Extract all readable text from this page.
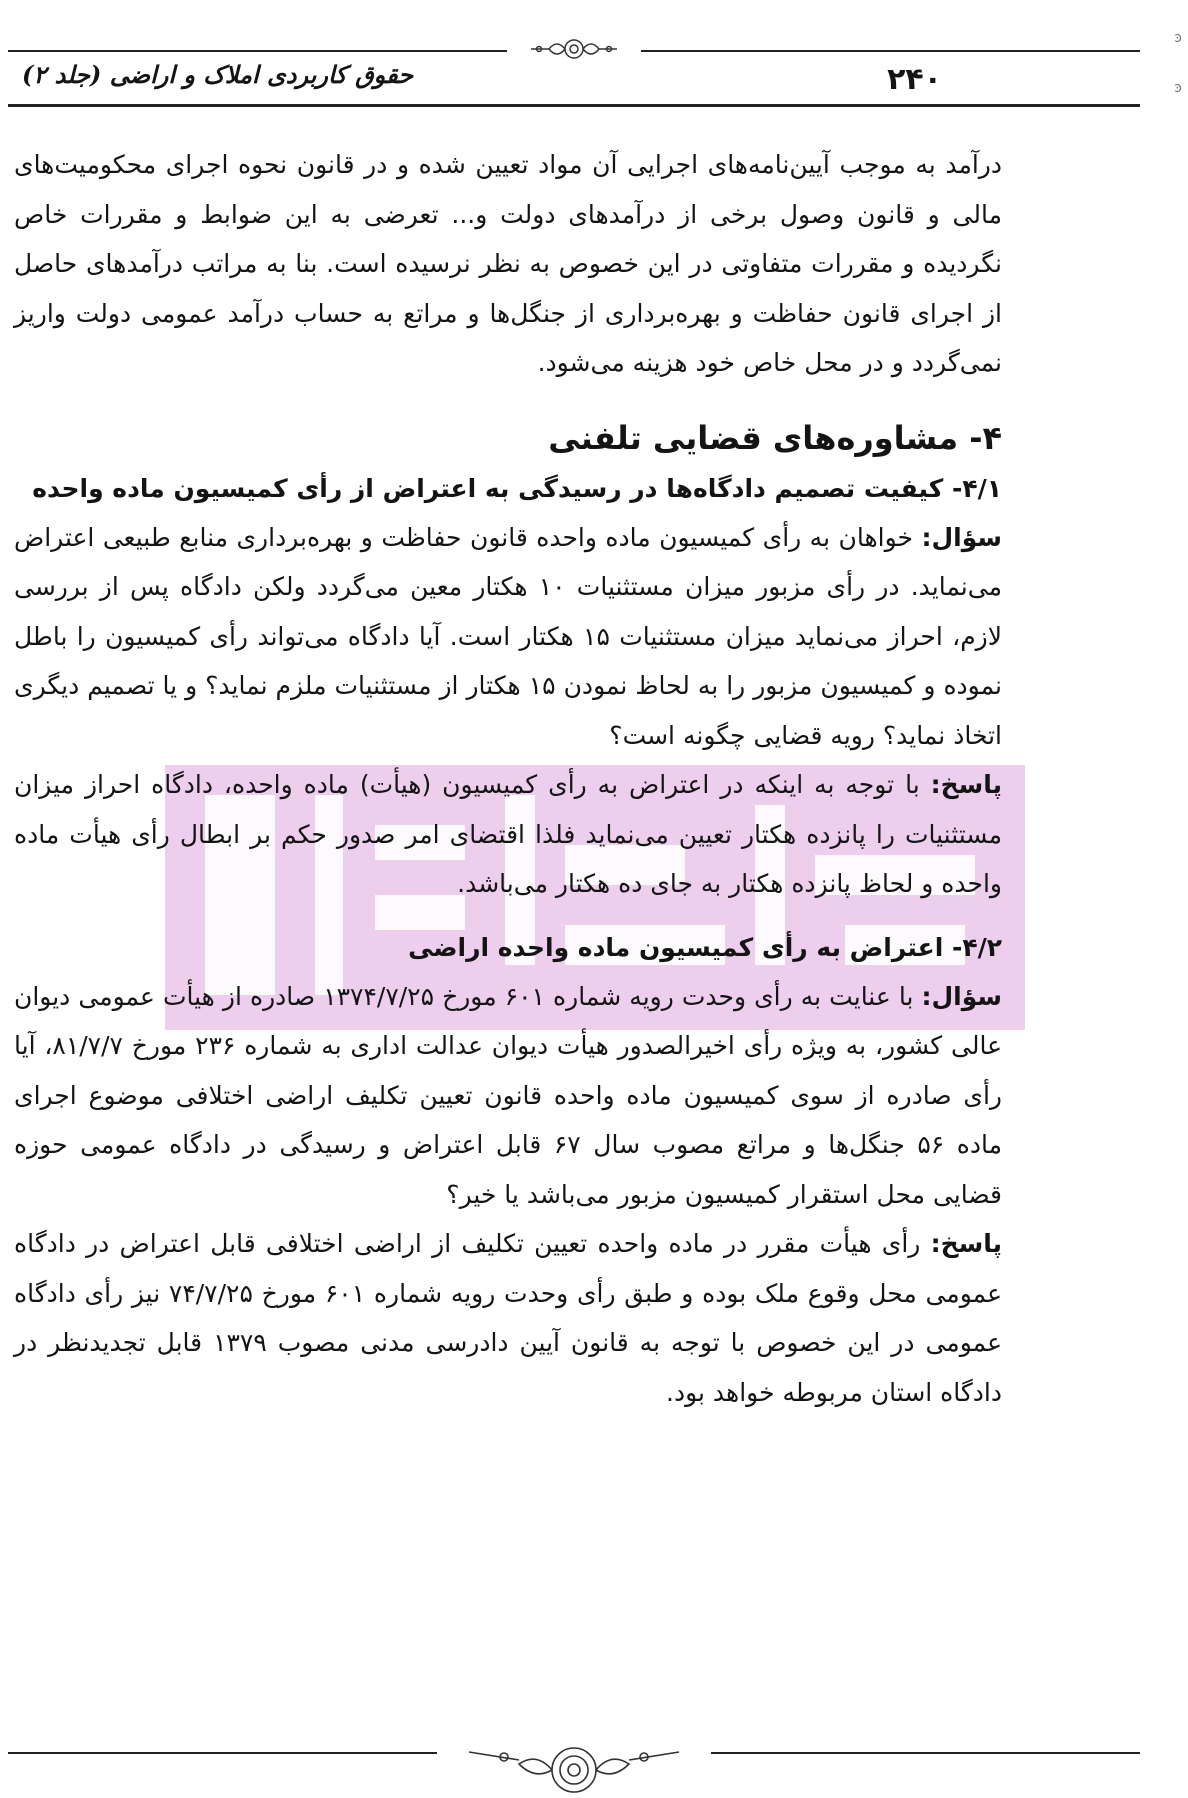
۲۴۰
حقوق کاربردی املاک و اراضی (جلد ۲)

درآمد به موجب آیین‌نامه‌های اجرایی آن مواد تعیین شده و در قانون نحوه اجرای محکومیت‌های مالی و قانون وصول برخی از درآمدهای دولت و... تعرضی به این ضوابط و مقررات خاص نگردیده و مقررات متفاوتی در این خصوص به نظر نرسیده است. بنا به مراتب درآمدهای حاصل از اجرای قانون حفاظت و بهره‌برداری از جنگل‌ها و مراتع به حساب درآمد عمومی دولت واریز نمی‌گردد و در محل خاص خود هزینه می‌شود.

۴- مشاوره‌های قضایی تلفنی

۴/۱- کیفیت تصمیم دادگاه‌ها در رسیدگی به اعتراض از رأی کمیسیون ماده واحده

سؤال: خواهان به رأی کمیسیون ماده واحده قانون حفاظت و بهره‌برداری منابع طبیعی اعتراض می‌نماید. در رأی مزبور میزان مستثنیات ۱۰ هکتار معین می‌گردد ولکن دادگاه پس از بررسی لازم، احراز می‌نماید میزان مستثنیات ۱۵ هکتار است. آیا دادگاه می‌تواند رأی کمیسیون را باطل نموده و کمیسیون مزبور را به لحاظ نمودن ۱۵ هکتار از مستثنیات ملزم نماید؟ و یا تصمیم دیگری اتخاذ نماید؟ رویه قضایی چگونه است؟

پاسخ: با توجه به اینکه در اعتراض به رأی کمیسیون (هیأت) ماده واحده، دادگاه احراز میزان مستثنیات را پانزده هکتار تعیین می‌نماید فلذا اقتضای امر صدور حکم بر ابطال رأی هیأت ماده واحده و لحاظ پانزده هکتار به جای ده هکتار می‌باشد.

۴/۲- اعتراض به رأی کمیسیون ماده واحده اراضی

سؤال: با عنایت به رأی وحدت رویه شماره ۶۰۱ مورخ ۱۳۷۴/۷/۲۵ صادره از هیأت عمومی دیوان عالی کشور، به ویژه رأی اخیرالصدور هیأت دیوان عدالت اداری به شماره ۲۳۶ مورخ ۸۱/۷/۷، آیا رأی صادره از سوی کمیسیون ماده واحده قانون تعیین تکلیف اراضی اختلافی موضوع اجرای ماده ۵۶ جنگل‌ها و مراتع مصوب سال ۶۷ قابل اعتراض و رسیدگی در دادگاه عمومی حوزه قضایی محل استقرار کمیسیون مزبور می‌باشد یا خیر؟

پاسخ: رأی هیأت مقرر در ماده واحده تعیین تکلیف از اراضی اختلافی قابل اعتراض در دادگاه عمومی محل وقوع ملک بوده و طبق رأی وحدت رویه شماره ۶۰۱ مورخ ۷۴/۷/۲۵ نیز رأی دادگاه عمومی در این خصوص با توجه به قانون آیین دادرسی مدنی مصوب ۱۳۷۹ قابل تجدیدنظر در دادگاه استان مربوطه خواهد بود.

ͽ
ͽ
